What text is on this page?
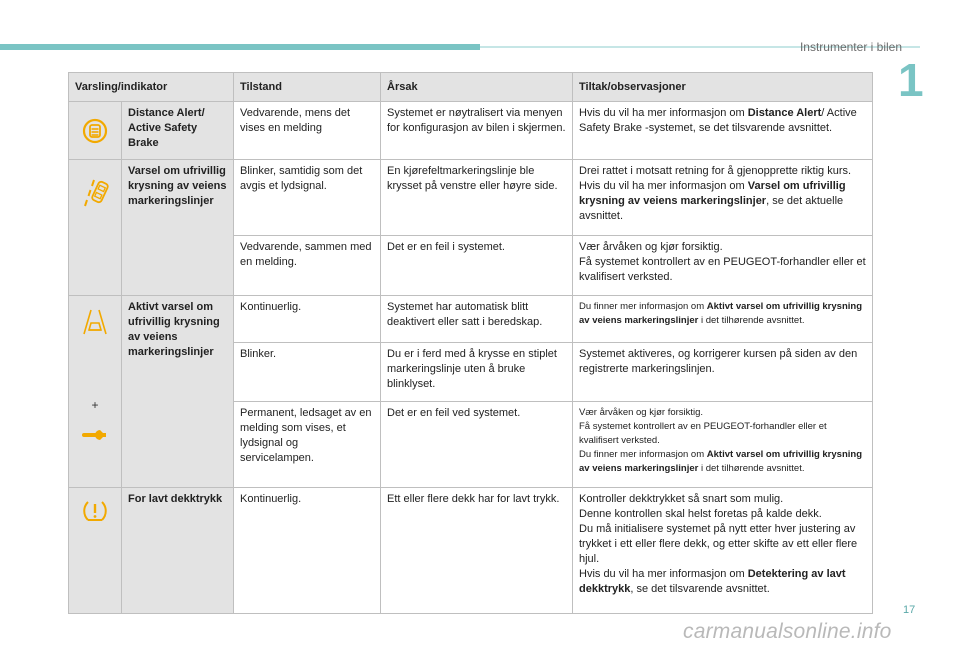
Instrumenter i bilen
1
Varsling/indikator		Tilstand	Årsak	Tiltak/observasjoner

	Distance Alert/ Active Safety Brake	Vedvarende, mens det vises en melding	Systemet er nøytralisert via menyen for konfigurasjon av bilen i skjermen.	Hvis du vil ha mer informasjon om Distance Alert/ Active Safety Brake -systemet, se det tilsvarende avsnittet.

	Varsel om ufrivillig krysning av veiens markeringslinjer	Blinker, samtidig som det avgis et lydsignal.	En kjørefeltmarkeringslinje ble krysset på venstre eller høyre side.	Drei rattet i motsatt retning for å gjenopprette riktig kurs.
Hvis du vil ha mer informasjon om Varsel om ufrivillig krysning av veiens markeringslinjer, se det aktuelle avsnittet.
		Vedvarende, sammen med en melding.	Det er en feil i systemet.	Vær årvåken og kjør forsiktig.
Få systemet kontrollert av en PEUGEOT-forhandler eller et kvalifisert verksted.

+	Aktivt varsel om ufrivillig krysning av veiens markeringslinjer	Kontinuerlig.	Systemet har automatisk blitt deaktivert eller satt i beredskap.	Du finner mer informasjon om Aktivt varsel om ufrivillig krysning av veiens markeringslinjer i det tilhørende avsnittet.
		Blinker.	Du er i ferd med å krysse en stiplet markeringslinje uten å bruke blinklyset.	Systemet aktiveres, og korrigerer kursen på siden av den registrerte markeringslinjen.
		Permanent, ledsaget av en melding som vises, et lydsignal og servicelampen.	Det er en feil ved systemet.	Vær årvåken og kjør forsiktig.
Få systemet kontrollert av en PEUGEOT-forhandler eller et kvalifisert verksted.
Du finner mer informasjon om Aktivt varsel om ufrivillig krysning av veiens markeringslinjer i det tilhørende avsnittet.

	For lavt dekktrykk	Kontinuerlig.	Ett eller flere dekk har for lavt trykk.	Kontroller dekktrykket så snart som mulig.
Denne kontrollen skal helst foretas på kalde dekk.
Du må initialisere systemet på nytt etter hver justering av trykket i ett eller flere dekk, og etter skifte av ett eller flere hjul.
Hvis du vil ha mer informasjon om Detektering av lavt dekktrykk, se det tilsvarende avsnittet.
17
carmanualsonline.info
